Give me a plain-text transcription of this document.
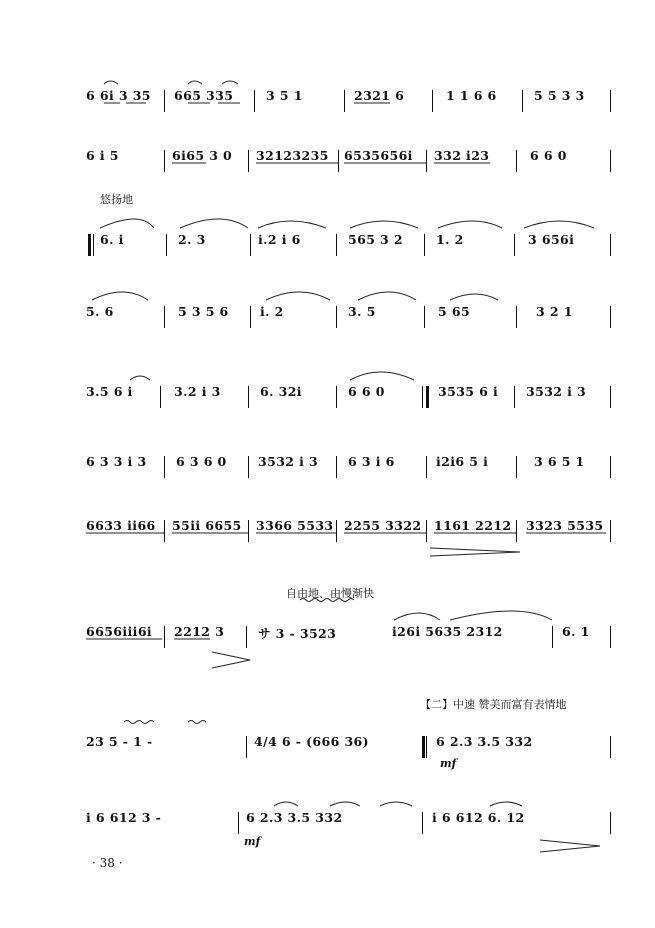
6 6i 3 35	665 335	3 5 1	2321 6	1 1 6 6	5 5 3 3
6 i 5	6i65 3 0	32123235	6535656i	332 i23	6 6 0
悠扬地
6. i	2. 3	i.2 i 6	565 3 2	1. 2	3 656i
5. 6	5 3 5 6	i. 2	3. 5	5 65	3 2 1
3.5 6 i	3.2 i 3	6. 32i	6 6 0	3535 6 i	3532 i 3
6 3 3 i 3	6 3 6 0	3532 i 3	6 3 i 6	i2i6 5 i	3 6 5 1
6633 ii66	55ii 6655	3366 5533 2255 3322 1161 2212	3323 5535
自由地、由慢渐快
6656iii6i	2212 3	サ 3 - 3523	i26i 5635 2312	6. 1
【二】中速 赞美而富有表情地
23 5 - 1 -	4/4 6 - (666 36)	6 2.3 3.5 332
mf
i 6 612 3 -	6 2.3 3.5 332	i 6 612 6. 12
mf
· 38 ·
